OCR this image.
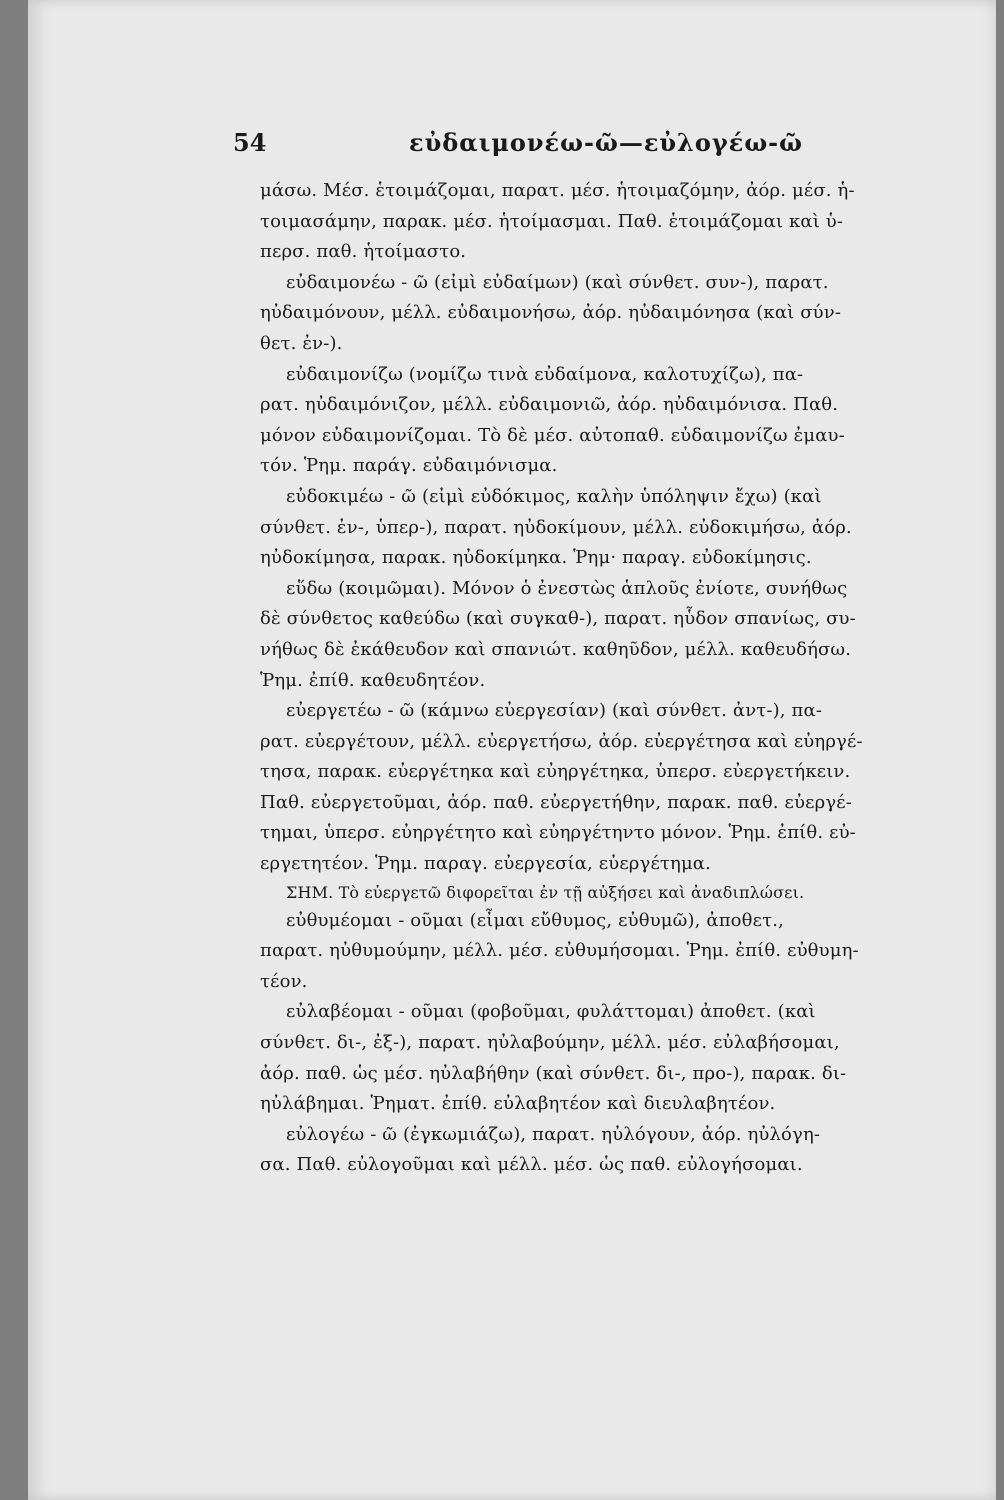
54	εὐδαιμονέω-ῶ—εὐλογέω-ῶ
μάσω. Μέσ. ἑτοιμάζομαι, παρατ. μέσ. ἡτοιμαζόμην, ἀόρ. μέσ. ἡ-
τοιμασάμην, παρακ. μέσ. ἡτοίμασμαι. Παθ. ἑτοιμάζομαι καὶ ὑ-
περσ. παθ. ἡτοίμαστο.
εὐδαιμονέω - ῶ (εἰμὶ εὐδαίμων) (καὶ σύνθετ. συν-), παρατ.
ηὐδαιμόνουν, μέλλ. εὐδαιμονήσω, ἀόρ. ηὐδαιμόνησα (καὶ σύν-
θετ. ἐν-).
εὐδαιμονίζω (νομίζω τινὰ εὐδαίμονα, καλοτυχίζω), πα-
ρατ. ηὐδαιμόνιζον, μέλλ. εὐδαιμονιῶ, ἀόρ. ηὐδαιμόνισα. Παθ.
μόνον εὐδαιμονίζομαι. Τὸ δὲ μέσ. αὐτοπαθ. εὐδαιμονίζω ἐμαυ-
τόν. Ῥημ. παράγ. εὐδαιμόνισμα.
εὐδοκιμέω - ῶ (εἰμὶ εὐδόκιμος, καλὴν ὑπόληψιν ἔχω) (καὶ
σύνθετ. ἐν-, ὑπερ-), παρατ. ηὐδοκίμουν, μέλλ. εὐδοκιμήσω, ἀόρ.
ηὐδοκίμησα, παρακ. ηὐδοκίμηκα. Ῥημ· παραγ. εὐδοκίμησις.
εὕδω (κοιμῶμαι). Μόνον ὁ ἐνεστὼς ἁπλοῦς ἐνίοτε, συνήθως
δὲ σύνθετος καθεύδω (καὶ συγκαθ-), παρατ. ηὗδον σπανίως, συ-
νήθως δὲ ἐκάθευδον καὶ σπανιώτ. καθηῦδον, μέλλ. καθευδήσω.
Ῥημ. ἐπίθ. καθευδητέον.
εὐεργετέω - ῶ (κάμνω εὐεργεσίαν) (καὶ σύνθετ. ἀντ-), πα-
ρατ. εὐεργέτουν, μέλλ. εὐεργετήσω, ἀόρ. εὐεργέτησα καὶ εὐηργέ-
τησα, παρακ. εὐεργέτηκα καὶ εὐηργέτηκα, ὑπερσ. εὐεργετήκειν.
Παθ. εὐεργετοῦμαι, ἀόρ. παθ. εὐεργετήθην, παρακ. παθ. εὐεργέ-
τημαι, ὑπερσ. εὐηργέτητο καὶ εὐηργέτηντο μόνον. Ῥημ. ἐπίθ. εὐ-
εργετητέον. Ῥημ. παραγ. εὐεργεσία, εὐεργέτημα.
ΣΗΜ. Τὸ εὐεργετῶ διφορεῖται ἐν τῇ αὐξήσει καὶ ἀναδιπλώσει.
εὐθυμέομαι - οῦμαι (εἶμαι εὔθυμος, εὐθυμῶ), ἀποθετ.,
παρατ. ηὐθυμούμην, μέλλ. μέσ. εὐθυμήσομαι. Ῥημ. ἐπίθ. εὐθυμη-
τέον.
εὐλαβέομαι - οῦμαι (φοβοῦμαι, φυλάττομαι) ἀποθετ. (καὶ
σύνθετ. δι-, ἐξ-), παρατ. ηὐλαβούμην, μέλλ. μέσ. εὐλαβήσομαι,
ἀόρ. παθ. ὡς μέσ. ηὐλαβήθην (καὶ σύνθετ. δι-, προ-), παρακ. δι-
ηὐλάβημαι. Ῥηματ. ἐπίθ. εὐλαβητέον καὶ διευλαβητέον.
εὐλογέω - ῶ (ἐγκωμιάζω), παρατ. ηὐλόγουν, ἀόρ. ηὐλόγη-
σα. Παθ. εὐλογοῦμαι καὶ μέλλ. μέσ. ὡς παθ. εὐλογήσομαι.
